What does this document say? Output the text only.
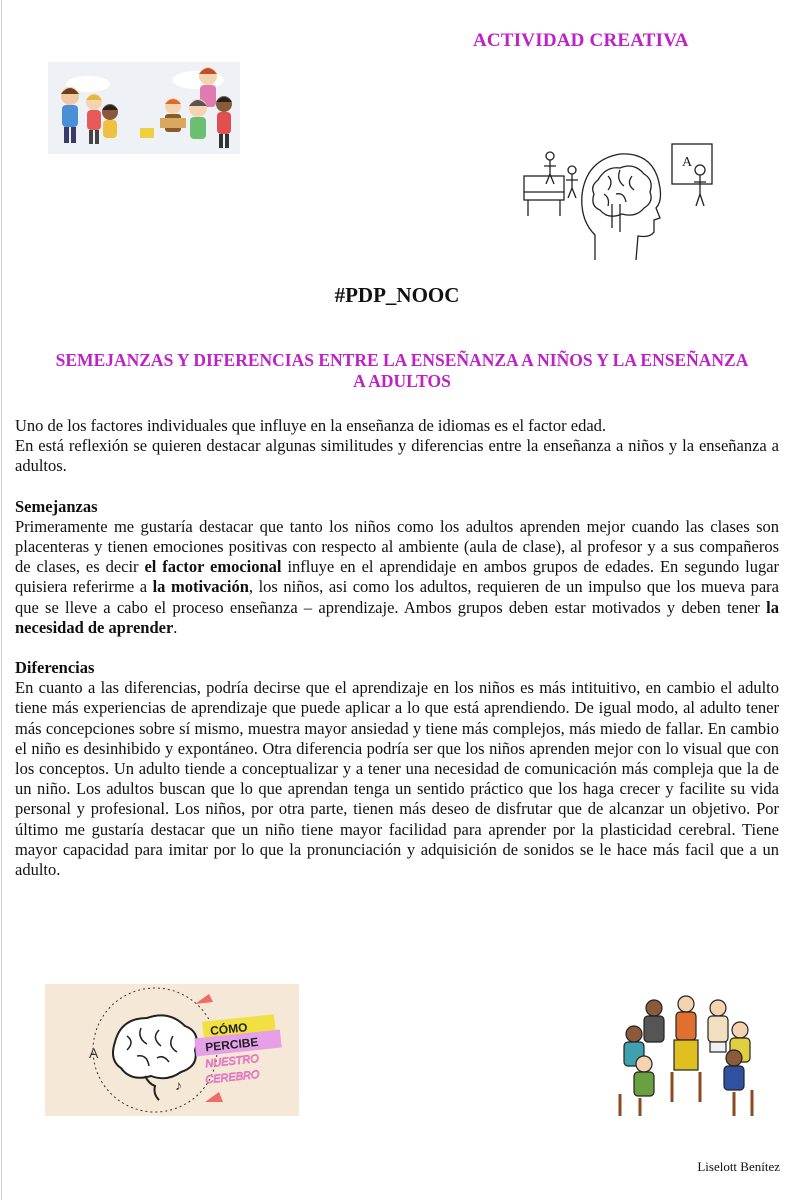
ACTIVIDAD CREATIVA
A
#PDP_NOOC
SEMEJANZAS Y DIFERENCIAS ENTRE LA ENSEÑANZA A NIÑOS Y LA ENSEÑANZA
A ADULTOS

Uno de los factores individuales que influye en la enseñanza de idiomas es el factor edad.

En está reflexión se quieren destacar algunas similitudes y diferencias entre la enseñanza a niños y la enseñanza a adultos.

Semejanzas

Primeramente me gustaría destacar que tanto los niños como los adultos aprenden mejor cuando las clases son placenteras y tienen emociones positivas con respecto al ambiente (aula de clase), al profesor y a sus compañeros de clases, es decir el factor emocional influye en el aprendidaje en ambos grupos de edades. En segundo lugar quisiera referirme a la motivación, los niños, asi como los adultos, requieren de un impulso que los mueva para que se lleve a cabo el proceso enseñanza – aprendizaje. Ambos grupos deben estar motivados y deben tener la necesidad de aprender.

Diferencias

En cuanto a las diferencias, podría decirse que el aprendizaje en los niños es más intituitivo, en cambio el adulto tiene más experiencias de aprendizaje que puede aplicar a lo que está aprendiendo. De igual modo, al adulto tener más concepciones sobre sí mismo, muestra mayor ansiedad y tiene más complejos, más miedo de fallar. En cambio el niño es desinhibido y expontáneo. Otra diferencia podría ser que los niños aprenden mejor con lo visual que con los conceptos. Un adulto tiende a conceptualizar y a tener una necesidad de comunicación más compleja que la de un niño. Los adultos buscan que lo que aprendan tenga un sentido práctico que los haga crecer y facilite su vida personal y profesional. Los niños, por otra parte, tienen más deseo de disfrutar que de alcanzar un objetivo. Por último me gustaría destacar que un niño tiene mayor facilidad para aprender por la plasticidad cerebral. Tiene mayor capacidad para imitar por lo que la pronunciación y adquisición de sonidos se le hace más facil que a un adulto.

A
♪
CÓMO
PERCIBE
NUESTRO
CEREBRO
Liselott Benítez
